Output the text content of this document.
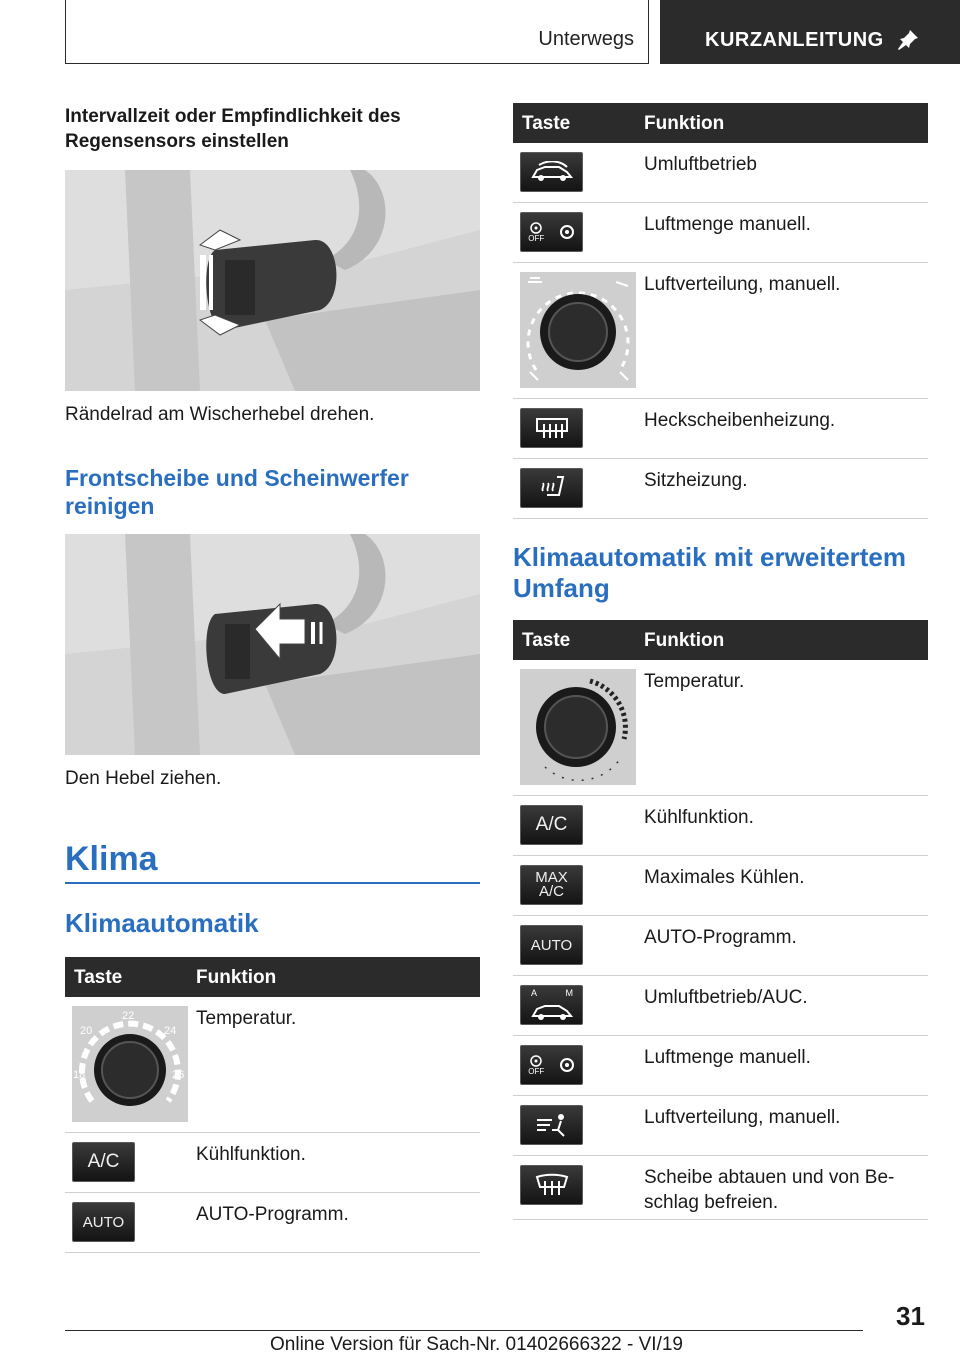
Unterwegs	KURZANLEITUNG
Intervallzeit oder Empfindlichkeit des Regensensors einstellen
Rändelrad am Wischerhebel drehen.
Frontscheibe und Scheinwerfer reinigen
Den Hebel ziehen.
Klima
Klimaautomatik
Taste	Funktion
22
20	24
18	26
Temperatur.
A/C	Kühlfunktion.
AUTO	AUTO-Programm.
Taste	Funktion
Umluftbetrieb
OFF
Luftmenge manuell.
Luftverteilung, manuell.
Heckscheibenheizung.
Sitzheizung.
Klimaautomatik mit erweitertem Umfang
Taste	Funktion
Temperatur.
A/C	Kühlfunktion.
MAX
A/C
Maximales Kühlen.
AUTO	AUTO-Programm.
A	M	Umluftbetrieb/AUC.
OFF
Luftmenge manuell.
Luftverteilung, manuell.
Scheibe abtauen und von Beschlag befreien.
31
Online Version für Sach-Nr. 01402666322 - VI/19
